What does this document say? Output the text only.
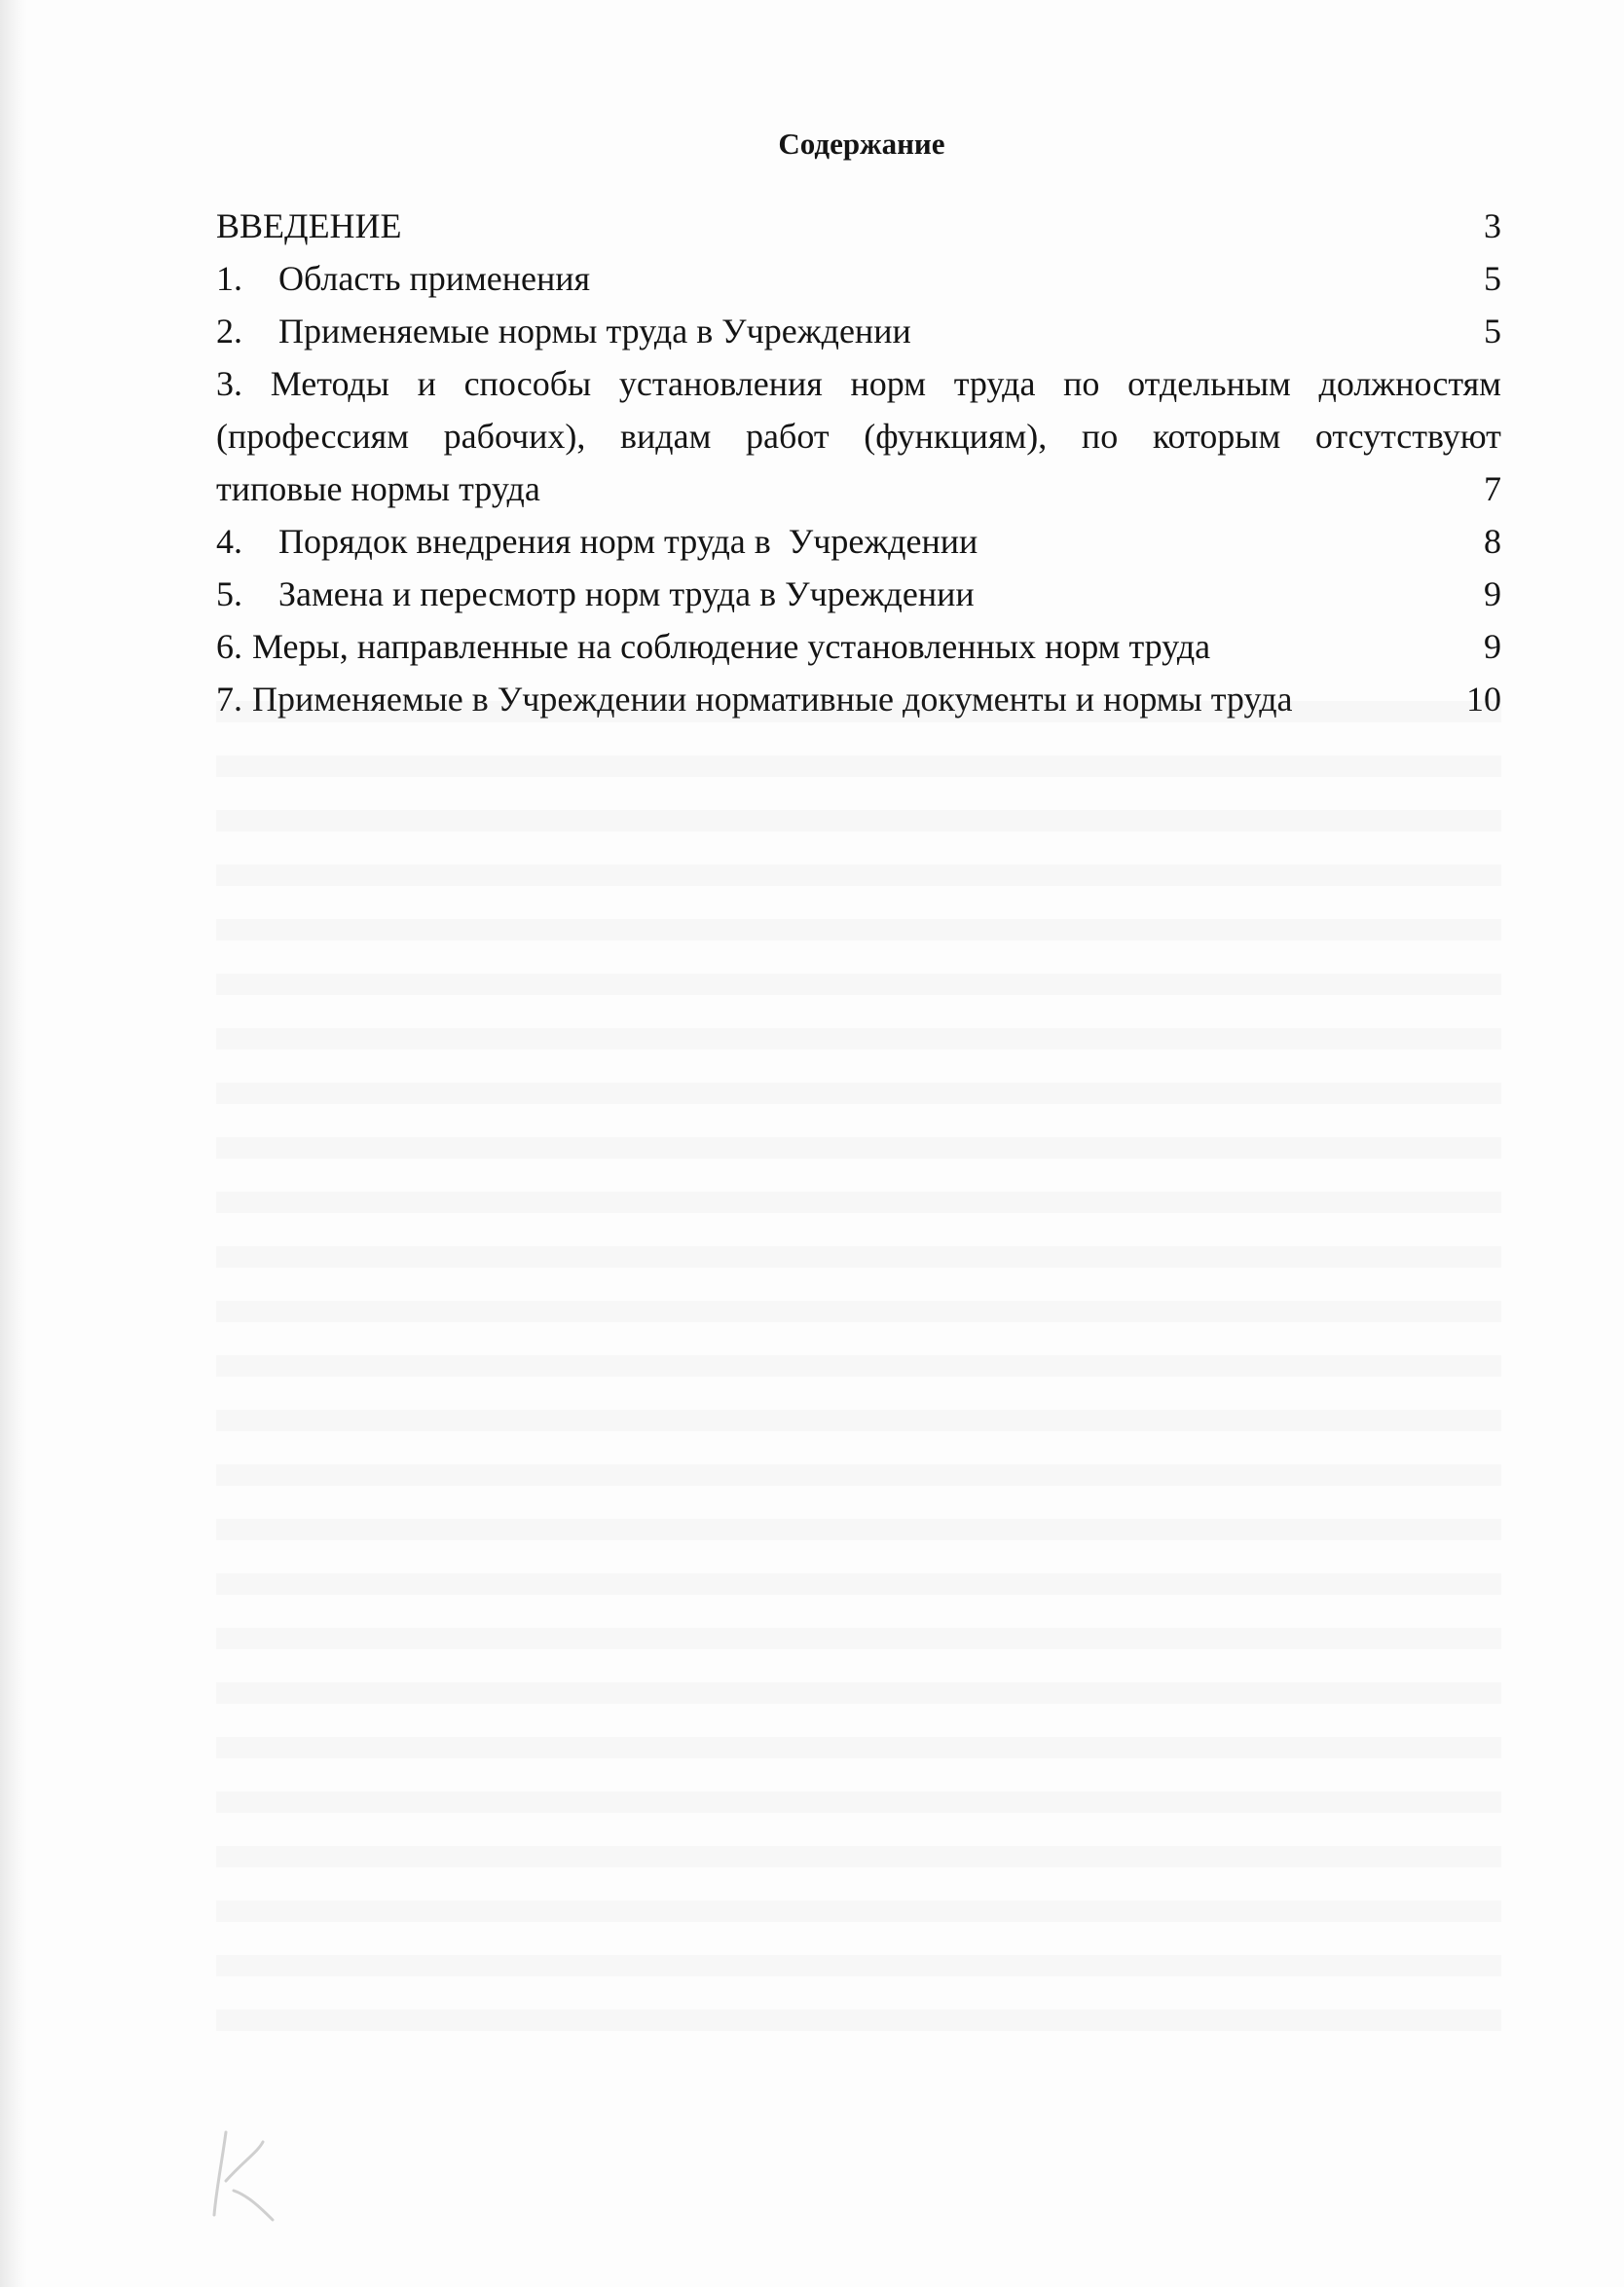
Содержание
ВВЕДЕНИЕ	3
1.	Область применения	5
2.	Применяемые нормы труда в Учреждении	5
3. Методы и способы установления норм труда по отдельным должностям
(профессиям рабочих), видам работ (функциям), по которым отсутствуют
типовые нормы труда	7
4.	Порядок внедрения норм труда в  Учреждении	8
5.	Замена и пересмотр норм труда в Учреждении	9
6. Меры, направленные на соблюдение установленных норм труда	9
7. Применяемые в Учреждении нормативные документы и нормы труда	10
